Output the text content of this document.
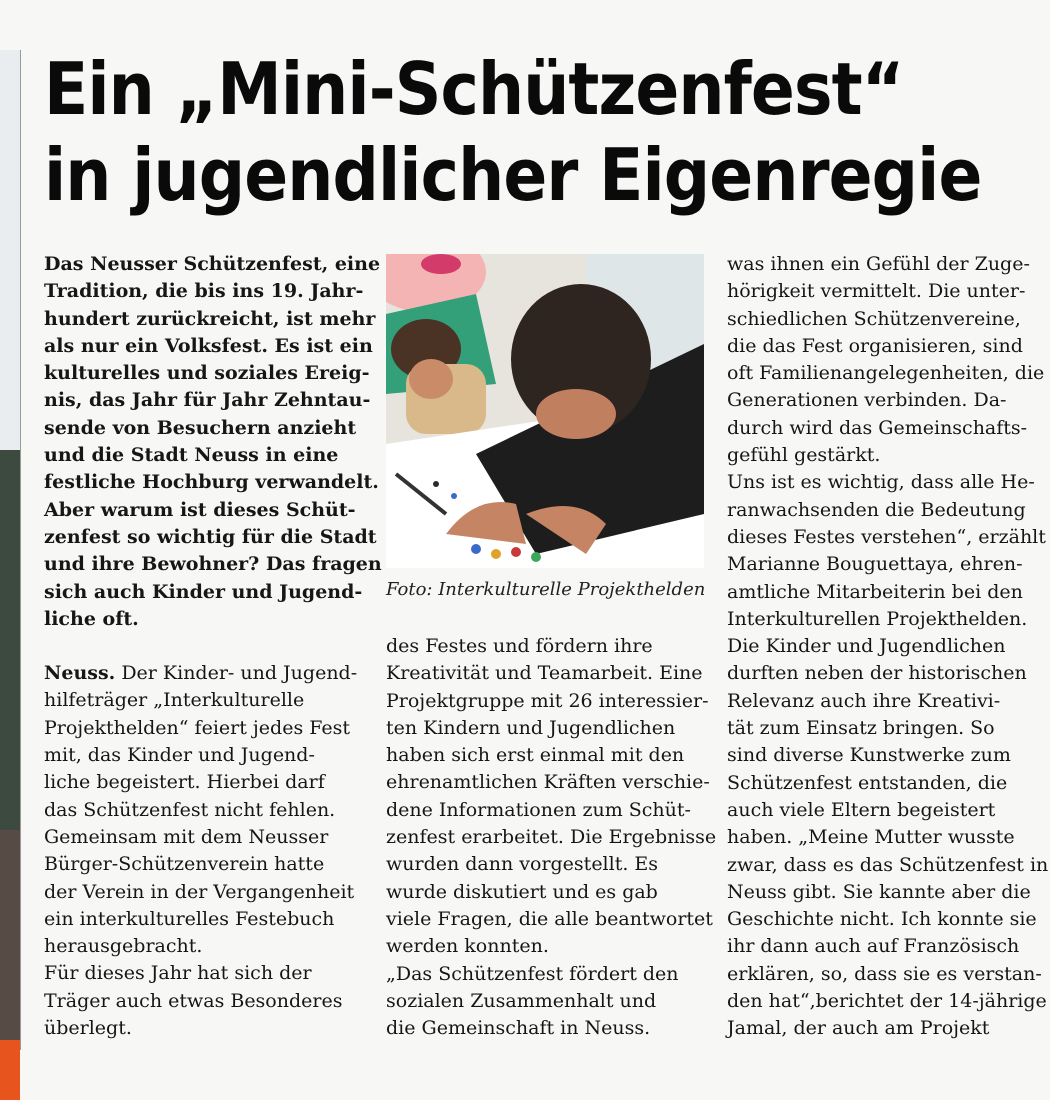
Ein „Mini-Schützenfest“
in jugendlicher Eigenregie
Das Neusser Schützenfest, eine
Tradition, die bis ins 19. Jahr-
hundert zurückreicht, ist mehr
als nur ein Volksfest. Es ist ein
kulturelles und soziales Ereig-
nis, das Jahr für Jahr Zehntau-
sende von Besuchern anzieht
und die Stadt Neuss in eine
festliche Hochburg verwandelt.
Aber warum ist dieses Schüt-
zenfest so wichtig für die Stadt
und ihre Bewohner? Das fragen
sich auch Kinder und Jugend-
liche oft.
Neuss. Der Kinder- und Jugend-
hilfeträger „Interkulturelle
Projekthelden“ feiert jedes Fest
mit, das Kinder und Jugend-
liche begeistert. Hierbei darf
das Schützenfest nicht fehlen.
Gemeinsam mit dem Neusser
Bürger-Schützenverein hatte
der Verein in der Vergangenheit
ein interkulturelles Festebuch
herausgebracht.
Für dieses Jahr hat sich der
Träger auch etwas Besonderes
überlegt.
Foto: Interkulturelle Projekthelden
des Festes und fördern ihre
Kreativität und Teamarbeit. Eine
Projektgruppe mit 26 interessier-
ten Kindern und Jugendlichen
haben sich erst einmal mit den
ehrenamtlichen Kräften verschie-
dene Informationen zum Schüt-
zenfest erarbeitet. Die Ergebnisse
wurden dann vorgestellt. Es
wurde diskutiert und es gab
viele Fragen, die alle beantwortet
werden konnten.
„Das Schützenfest fördert den
sozialen Zusammenhalt und
die Gemeinschaft in Neuss.
was ihnen ein Gefühl der Zuge-
hörigkeit vermittelt. Die unter-
schiedlichen Schützenvereine,
die das Fest organisieren, sind
oft Familienangelegenheiten, die
Generationen verbinden. Da-
durch wird das Gemeinschafts-
gefühl gestärkt.
Uns ist es wichtig, dass alle He-
ranwachsenden die Bedeutung
dieses Festes verstehen“, erzählt
Marianne Bouguettaya, ehren-
amtliche Mitarbeiterin bei den
Interkulturellen Projekthelden.
Die Kinder und Jugendlichen
durften neben der historischen
Relevanz auch ihre Kreativi-
tät zum Einsatz bringen. So
sind diverse Kunstwerke zum
Schützenfest entstanden, die
auch viele Eltern begeistert
haben. „Meine Mutter wusste
zwar, dass es das Schützenfest in
Neuss gibt. Sie kannte aber die
Geschichte nicht. Ich konnte sie
ihr dann auch auf Französisch
erklären, so, dass sie es verstan-
den hat“,berichtet der 14-jährige
Jamal, der auch am Projekt
